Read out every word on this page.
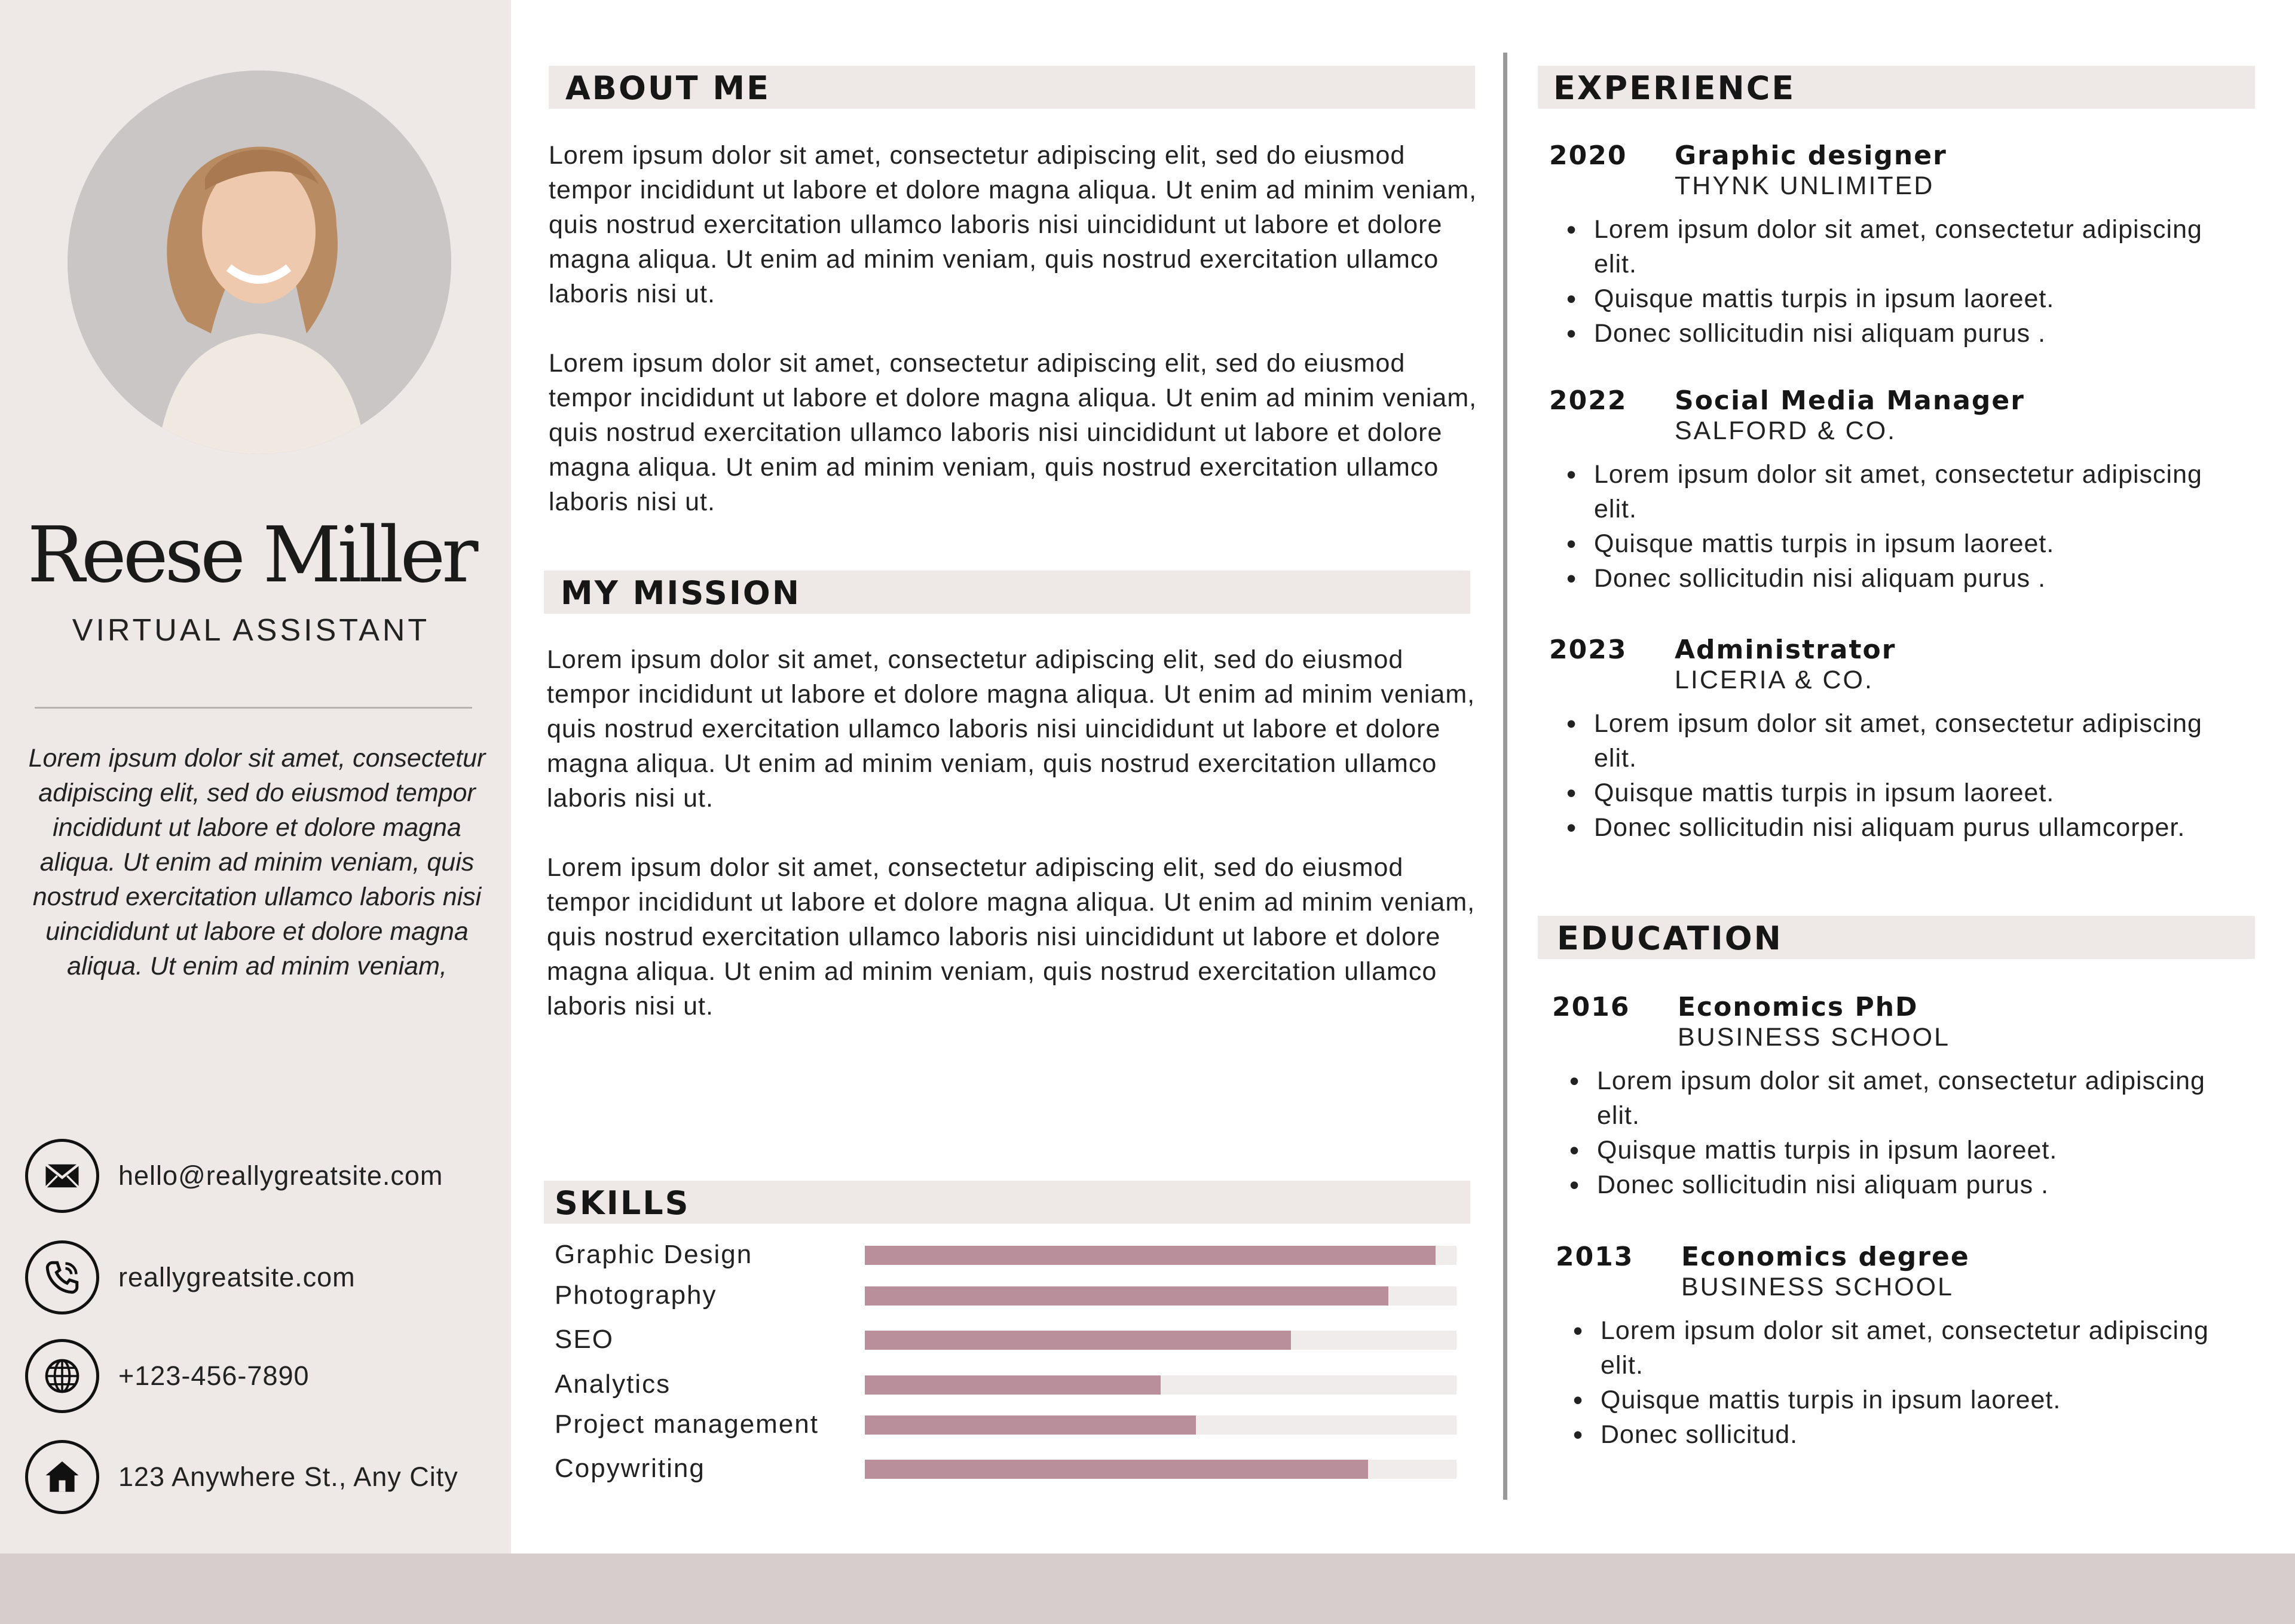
Reese Miller
VIRTUAL ASSISTANT
Lorem ipsum dolor sit amet, consectetur adipiscing elit, sed do eiusmod tempor incididunt ut labore et dolore magna aliqua. Ut enim ad minim veniam, quis nostrud exercitation ullamco laboris nisi uincididunt ut labore et dolore magna aliqua. Ut enim ad minim veniam,
hello@reallygreatsite.com
reallygreatsite.com
+123-456-7890
123 Anywhere St., Any City
ABOUT ME
Lorem ipsum dolor sit amet, consectetur adipiscing elit, sed do eiusmod tempor incididunt ut labore et dolore magna aliqua. Ut enim ad minim veniam, quis nostrud exercitation ullamco laboris nisi uincididunt ut labore et dolore magna aliqua. Ut enim ad minim veniam, quis nostrud exercitation ullamco laboris nisi ut.
Lorem ipsum dolor sit amet, consectetur adipiscing elit, sed do eiusmod tempor incididunt ut labore et dolore magna aliqua. Ut enim ad minim veniam, quis nostrud exercitation ullamco laboris nisi uincididunt ut labore et dolore magna aliqua. Ut enim ad minim veniam, quis nostrud exercitation ullamco laboris nisi ut.
MY MISSION
Lorem ipsum dolor sit amet, consectetur adipiscing elit, sed do eiusmod tempor incididunt ut labore et dolore magna aliqua. Ut enim ad minim veniam, quis nostrud exercitation ullamco laboris nisi uincididunt ut labore et dolore magna aliqua. Ut enim ad minim veniam, quis nostrud exercitation ullamco laboris nisi ut.
Lorem ipsum dolor sit amet, consectetur adipiscing elit, sed do eiusmod tempor incididunt ut labore et dolore magna aliqua. Ut enim ad minim veniam, quis nostrud exercitation ullamco laboris nisi uincididunt ut labore et dolore magna aliqua. Ut enim ad minim veniam, quis nostrud exercitation ullamco laboris nisi ut.
SKILLS
Graphic Design
Photography
SEO
Analytics
Project management
Copywriting
EXPERIENCE
2020 Graphic designer
THYNK UNLIMITED
• Lorem ipsum dolor sit amet, consectetur adipiscing elit.
• Quisque mattis turpis in ipsum laoreet.
• Donec sollicitudin nisi aliquam purus .
2022 Social Media Manager
SALFORD & CO.
• Lorem ipsum dolor sit amet, consectetur adipiscing elit.
• Quisque mattis turpis in ipsum laoreet.
• Donec sollicitudin nisi aliquam purus .
2023 Administrator
LICERIA & CO.
• Lorem ipsum dolor sit amet, consectetur adipiscing elit.
• Quisque mattis turpis in ipsum laoreet.
• Donec sollicitudin nisi aliquam purus ullamcorper.
EDUCATION
2016 Economics PhD
BUSINESS SCHOOL
• Lorem ipsum dolor sit amet, consectetur adipiscing elit.
• Quisque mattis turpis in ipsum laoreet.
• Donec sollicitudin nisi aliquam purus .
2013 Economics degree
BUSINESS SCHOOL
• Lorem ipsum dolor sit amet, consectetur adipiscing elit.
• Quisque mattis turpis in ipsum laoreet.
• Donec sollicitud.
